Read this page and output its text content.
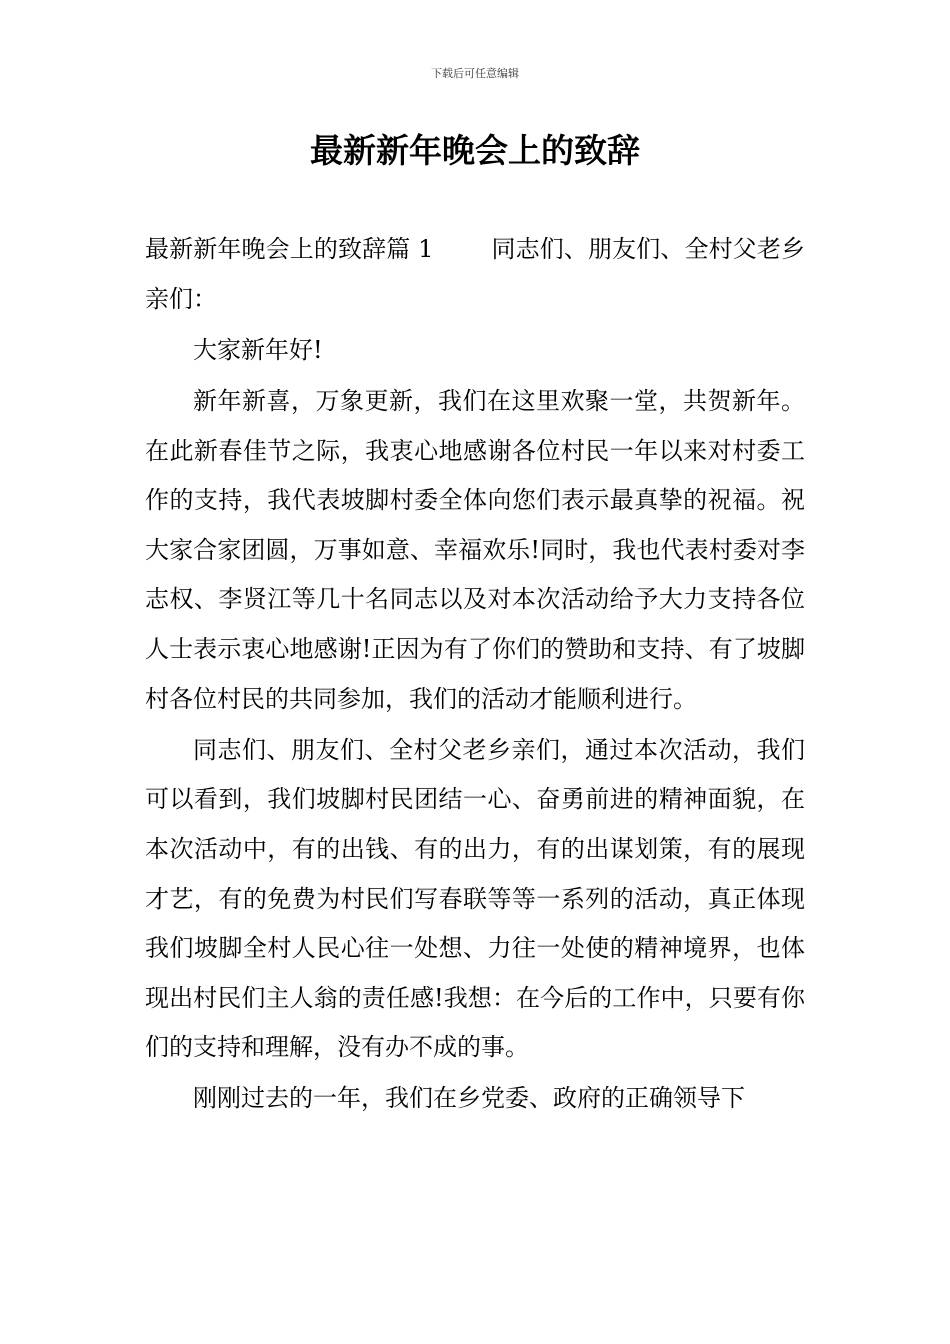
下载后可任意编辑
最新新年晚会上的致辞

最新新年晚会上的致辞篇 1 同志们、朋友们、全村父老乡亲们：

大家新年好!

新年新喜，万象更新，我们在这里欢聚一堂，共贺新年。在此新春佳节之际，我衷心地感谢各位村民一年以来对村委工作的支持，我代表坡脚村委全体向您们表示最真挚的祝福。祝大家合家团圆，万事如意、幸福欢乐!同时，我也代表村委对李志权、李贤江等几十名同志以及对本次活动给予大力支持各位人士表示衷心地感谢!正因为有了你们的赞助和支持、有了坡脚村各位村民的共同参加，我们的活动才能顺利进行。

同志们、朋友们、全村父老乡亲们，通过本次活动，我们可以看到，我们坡脚村民团结一心、奋勇前进的精神面貌，在本次活动中，有的出钱、有的出力，有的出谋划策，有的展现才艺，有的免费为村民们写春联等等一系列的活动，真正体现我们坡脚全村人民心往一处想、力往一处使的精神境界，也体现出村民们主人翁的责任感!我想：在今后的工作中，只要有你们的支持和理解，没有办不成的事。

刚刚过去的一年，我们在乡党委、政府的正确领导下
